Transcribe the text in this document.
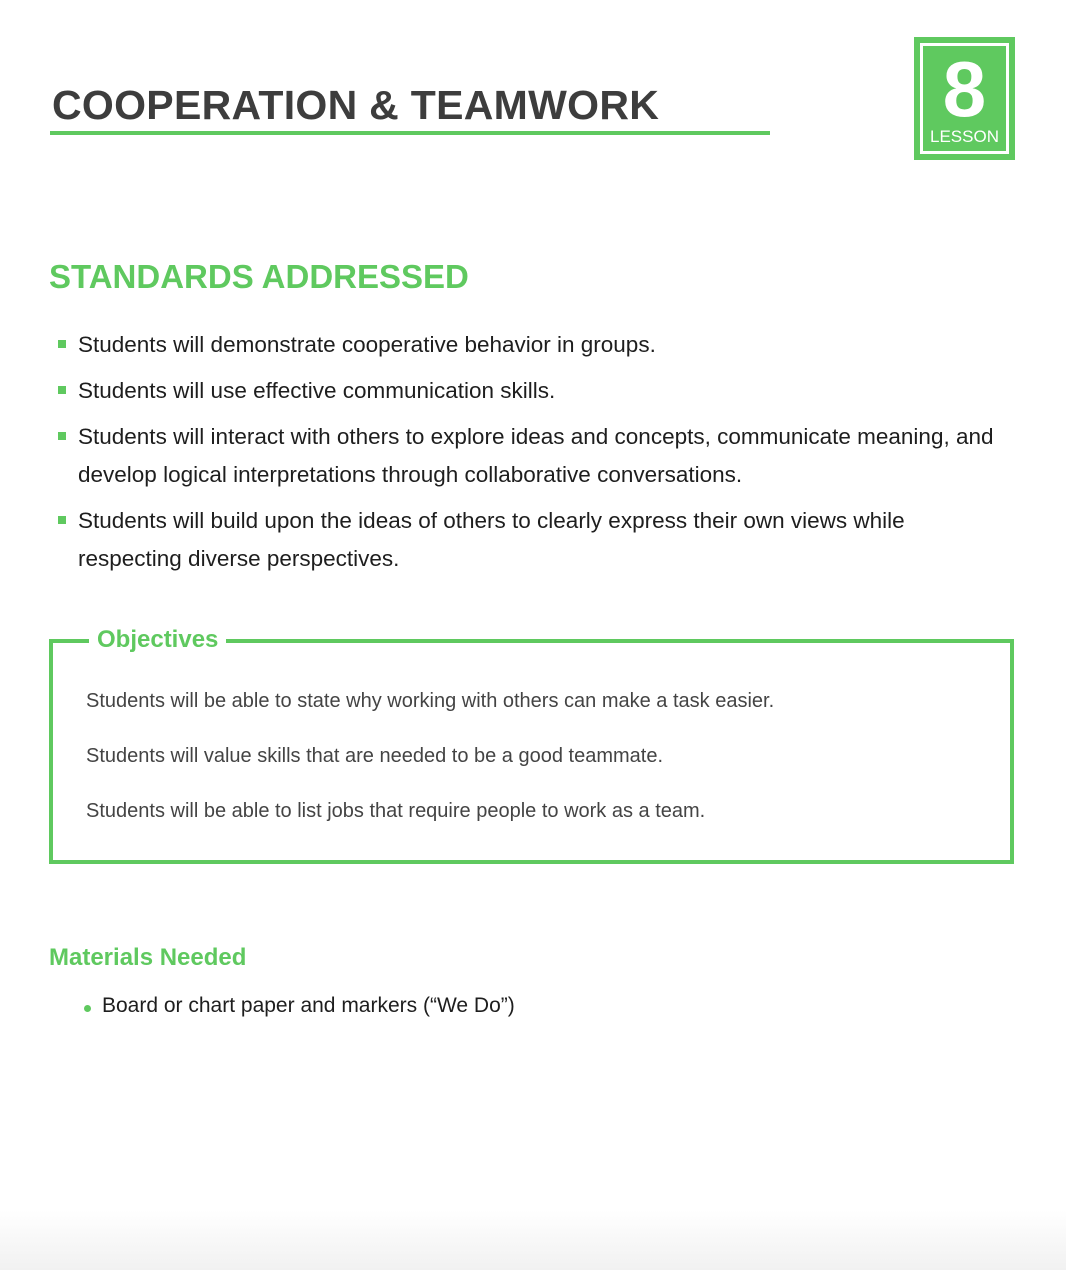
COOPERATION & TEAMWORK	8
LESSON
STANDARDS ADDRESSED
Students will demonstrate cooperative behavior in groups.
Students will use effective communication skills.
Students will interact with others to explore ideas and concepts, communicate meaning, and develop logical interpretations through collaborative conversations.
Students will build upon the ideas of others to clearly express their own views while respecting diverse perspectives.
Objectives

Students will be able to state why working with others can make a task easier.

Students will value skills that are needed to be a good teammate.

Students will be able to list jobs that require people to work as a team.

Materials Needed
Board or chart paper and markers (“We Do”)
